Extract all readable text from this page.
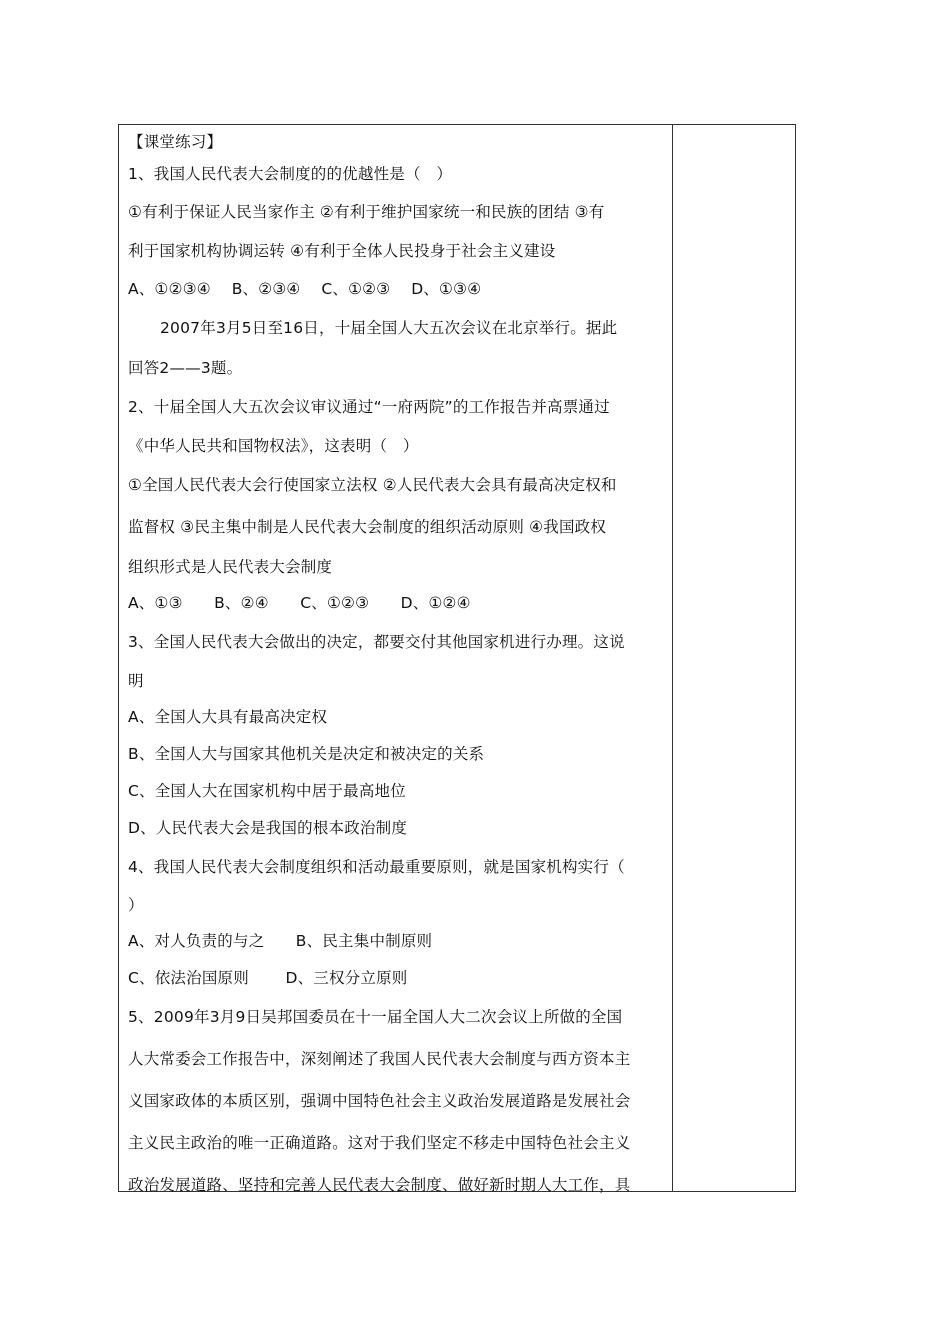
【课堂练习】
1、我国人民代表大会制度的的优越性是（　）
①有利于保证人民当家作主 ②有利于维护国家统一和民族的团结 ③有
利于国家机构协调运转 ④有利于全体人民投身于社会主义建设
A、①②③④　 B、②③④　 C、①②③　 D、①③④
2007年3月5日至16日，十届全国人大五次会议在北京举行。据此
回答2——3题。
2、十届全国人大五次会议审议通过“一府两院”的工作报告并高票通过
《中华人民共和国物权法》，这表明（　）
①全国人民代表大会行使国家立法权 ②人民代表大会具有最高决定权和
监督权 ③民主集中制是人民代表大会制度的组织活动原则 ④我国政权
组织形式是人民代表大会制度
A、①③　　B、②④　　C、①②③　　D、①②④
3、全国人民代表大会做出的决定，都要交付其他国家机进行办理。这说
明
A、全国人大具有最高决定权
B、全国人大与国家其他机关是决定和被决定的关系
C、全国人大在国家机构中居于最高地位
D、人民代表大会是我国的根本政治制度
4、我国人民代表大会制度组织和活动最重要原则，就是国家机构实行（
）
A、对人负责的与之　　B、民主集中制原则
C、依法治国原则　　 D、三权分立原则
5、2009年3月9日吴邦国委员在十一届全国人大二次会议上所做的全国
人大常委会工作报告中，深刻阐述了我国人民代表大会制度与西方资本主
义国家政体的本质区别，强调中国特色社会主义政治发展道路是发展社会
主义民主政治的唯一正确道路。这对于我们坚定不移走中国特色社会主义
政治发展道路、坚持和完善人民代表大会制度、做好新时期人大工作，具
